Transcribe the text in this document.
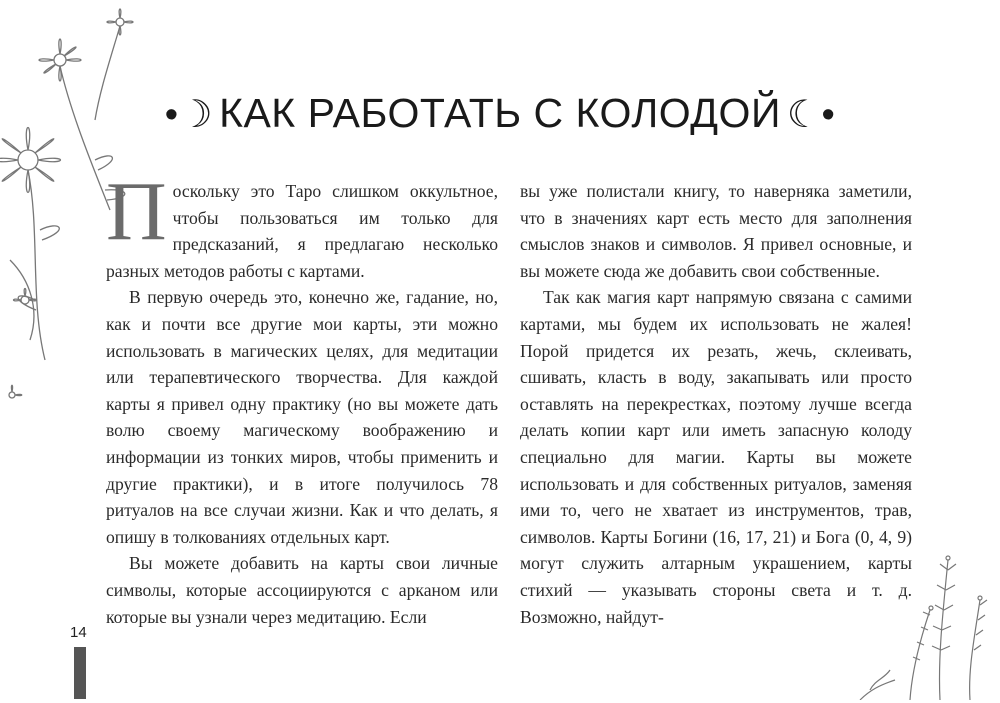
•☽ КАК РАБОТАТЬ С КОЛОДОЙ ☾•

Поскольку это Таро слишком оккультное, чтобы пользоваться им только для предсказаний, я предлагаю несколько разных методов работы с картами.

В первую очередь это, конечно же, гадание, но, как и почти все другие мои карты, эти можно использовать в магических целях, для медитации или терапевтического творчества. Для каждой карты я привел одну практику (но вы можете дать волю своему магическому воображению и информации из тонких миров, чтобы применить и другие практики), и в итоге получилось 78 ритуалов на все случаи жизни. Как и что делать, я опишу в толкованиях отдельных карт.

Вы можете добавить на карты свои личные символы, которые ассоциируются с арканом или которые вы узнали через медитацию. Если

вы уже полистали книгу, то наверняка заметили, что в значениях карт есть место для заполнения смыслов знаков и символов. Я привел основные, и вы можете сюда же добавить свои собственные.

Так как магия карт напрямую связана с самими картами, мы будем их использовать не жалея! Порой придется их резать, жечь, склеивать, сшивать, класть в воду, закапывать или просто оставлять на перекрестках, поэтому лучше всегда делать копии карт или иметь запасную колоду специально для магии. Карты вы можете использовать и для собственных ритуалов, заменяя ими то, чего не хватает из инструментов, трав, символов. Карты Богини (16, 17, 21) и Бога (0, 4, 9) могут служить алтарным украшением, карты стихий — указывать стороны света и т. д. Возможно, найдут-

14
